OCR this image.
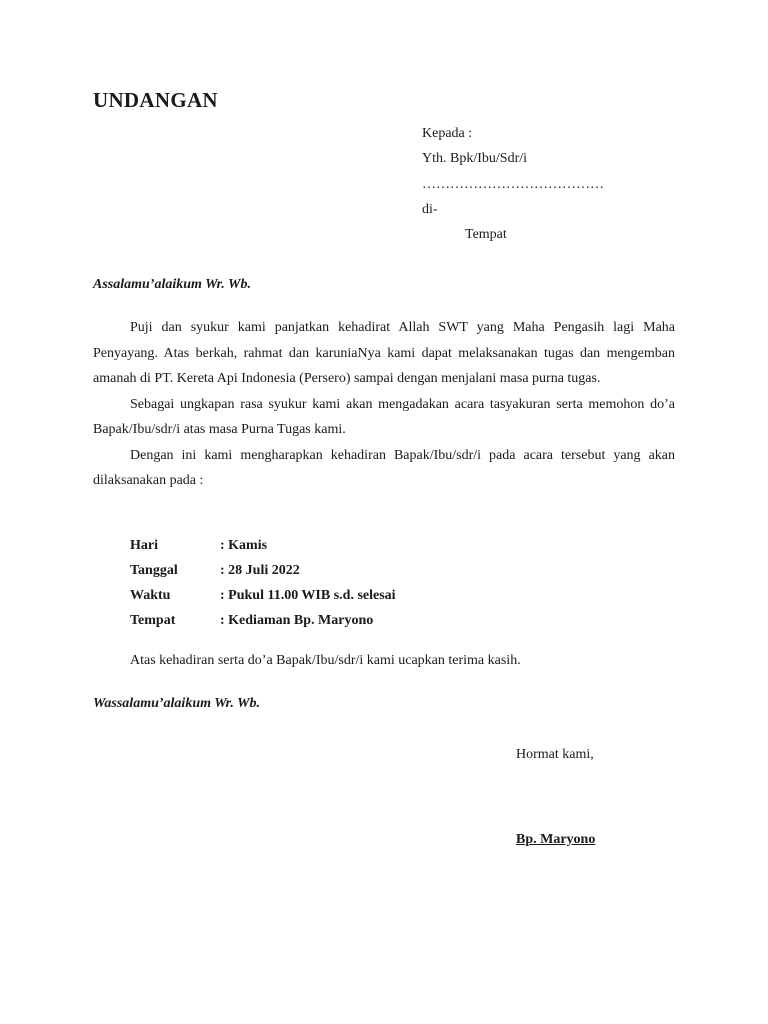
UNDANGAN
Kepada :
Yth. Bpk/Ibu/Sdr/i
…………………………………
di-
Tempat
Assalamu’alaikum Wr. Wb.

Puji dan syukur kami panjatkan kehadirat Allah SWT yang Maha Pengasih lagi Maha Penyayang. Atas berkah, rahmat dan karuniaNya kami dapat melaksanakan tugas dan mengemban amanah di PT. Kereta Api Indonesia (Persero) sampai dengan menjalani masa purna tugas.

Sebagai ungkapan rasa syukur kami akan mengadakan acara tasyakuran serta memohon do’a Bapak/Ibu/sdr/i atas masa Purna Tugas kami.

Dengan ini kami mengharapkan kehadiran Bapak/Ibu/sdr/i pada acara tersebut yang akan dilaksanakan pada :

Hari	: Kamis
Tanggal	: 28 Juli 2022
Waktu	: Pukul 11.00 WIB s.d. selesai
Tempat	: Kediaman Bp. Maryono
Atas kehadiran serta do’a Bapak/Ibu/sdr/i kami ucapkan terima kasih.
Wassalamu’alaikum Wr. Wb.
Hormat kami,
Bp. Maryono
